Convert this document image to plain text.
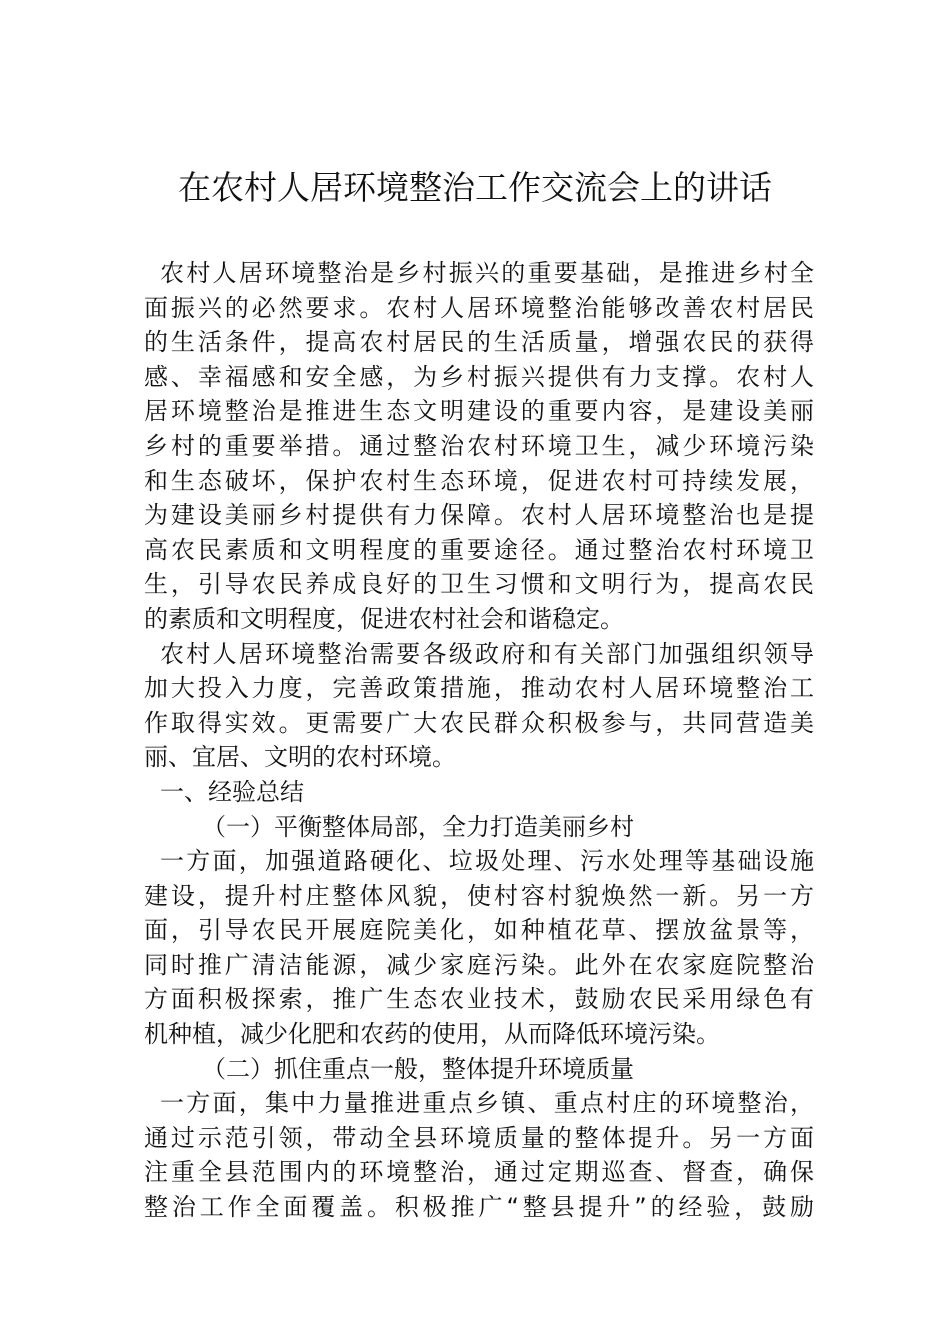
在农村人居环境整治工作交流会上的讲话
农村人居环境整治是乡村振兴的重要基础，是推进乡村全
面振兴的必然要求。农村人居环境整治能够改善农村居民
的生活条件，提高农村居民的生活质量，增强农民的获得
感、幸福感和安全感，为乡村振兴提供有力支撑。农村人
居环境整治是推进生态文明建设的重要内容，是建设美丽
乡村的重要举措。通过整治农村环境卫生，减少环境污染
和生态破坏，保护农村生态环境，促进农村可持续发展，
为建设美丽乡村提供有力保障。农村人居环境整治也是提
高农民素质和文明程度的重要途径。通过整治农村环境卫
生，引导农民养成良好的卫生习惯和文明行为，提高农民
的素质和文明程度，促进农村社会和谐稳定。
农村人居环境整治需要各级政府和有关部门加强组织领导
加大投入力度，完善政策措施，推动农村人居环境整治工
作取得实效。更需要广大农民群众积极参与，共同营造美
丽、宜居、文明的农村环境。
一、经验总结
（一）平衡整体局部，全力打造美丽乡村
一方面，加强道路硬化、垃圾处理、污水处理等基础设施
建设，提升村庄整体风貌，使村容村貌焕然一新。另一方
面，引导农民开展庭院美化，如种植花草、摆放盆景等，
同时推广清洁能源，减少家庭污染。此外在农家庭院整治
方面积极探索，推广生态农业技术，鼓励农民采用绿色有
机种植，减少化肥和农药的使用，从而降低环境污染。
（二）抓住重点一般，整体提升环境质量
一方面，集中力量推进重点乡镇、重点村庄的环境整治，
通过示范引领，带动全县环境质量的整体提升。另一方面
注重全县范围内的环境整治，通过定期巡查、督查，确保
整治工作全面覆盖。积极推广“整县提升”的经验，鼓励
